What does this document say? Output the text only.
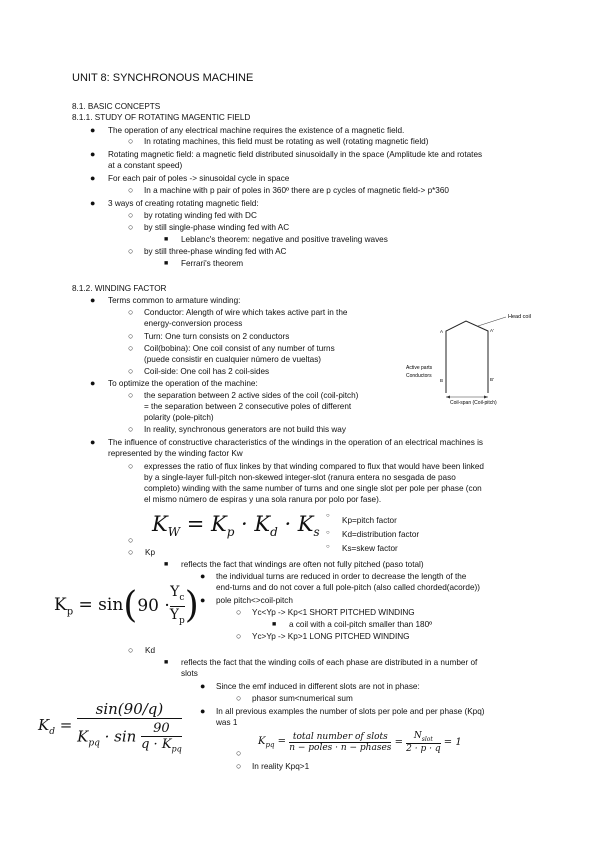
UNIT 8: SYNCHRONOUS MACHINE
8.1. BASIC CONCEPTS
8.1.1. STUDY OF ROTATING MAGENTIC FIELD
● The operation of any electrical machine requires the existence of a magnetic field.
○ In rotating machines, this field must be rotating as well (rotating magnetic field)
● Rotating magnetic field: a magnetic field distributed sinusoidally in the space (Amplitude kte and rotates
at a constant speed)
● For each pair of poles -> sinusoidal cycle in space
○ In a machine with p pair of poles in 360º there are p cycles of magnetic field-> p*360
● 3 ways of creating rotating magnetic field:
○ by rotating winding fed with DC
○ by still single-phase winding fed with AC
■ Leblanc's theorem: negative and positive traveling waves
○ by still three-phase winding fed with AC
■ Ferrari's theorem
8.1.2. WINDING FACTOR
● Terms common to armature winding:
○ Conductor: Alength of wire which takes active part in the
energy-conversion process
○ Turn: One turn consists on 2 conductors
○ Coil(bobina): One coil consist of any number of turns
(puede consistir en cualquier número de vueltas)
○ Coil-side: One coil has 2 coil-sides
● To optimize the operation of the machine:
○ the separation between 2 active sides of the coil (coil-pitch)
= the separation between 2 consecutive poles of different
polarity (pole-pitch)
○ In reality, synchronous generators are not build this way
Head coil
A	A'
B	B'
Active parts
Conductors
Coil-span (Coil-pitch)
● The influence of constructive characteristics of the windings in the operation of an electrical machines is
represented by the winding factor Kw
○ expresses the ratio of flux linkes by that winding compared to flux that would have been linked
by a single-layer full-pitch non-skewed integer-slot (ranura entera no sesgada de paso
completo) winding with the same number of turns and one single slot per pole per phase (con
el mismo número de espiras y una sola ranura por polo por fase).
$K_W = K_p \cdot K_d \cdot K_s$
○
○ Kp=pitch factor
○ Kd=distribution factor
○ Ks=skew factor
○ Kp
■ reflects the fact that windings are often not fully pitched (paso total)
● the individual turns are reduced in order to decrease the length of the
end-turns and do not cover a full pole-pitch (also called chorded(acorde))
● pole pitch<>coil-pitch
○ Yc<Yp -> Kp<1 SHORT PITCHED WINDING
■ a coil with a coil-pitch smaller than 180º
○ Yc>Yp -> Kp>1 LONG PITCHED WINDING
$K_p = \sin(90 \cdot \frac{Y_c}{Y_p}$ )
○ Kd
■ reflects the fact that the winding coils of each phase are distributed in a number of
slots
● Since the emf induced in different slots are not in phase:
○ phasor sum<numerical sum
● In all previous examples the number of slots per pole and per phase (Kpq)
was 1
$K_d$ =
sin(90/q)
$K_{pq} \cdot \sin 90$
$q \cdot K_{pq}$	○
$K_{pq}$ = total number of slots
n − poles · n − phases =
$N_{slot}$
2 · p · q
= 1
○ In reality Kpq>1
